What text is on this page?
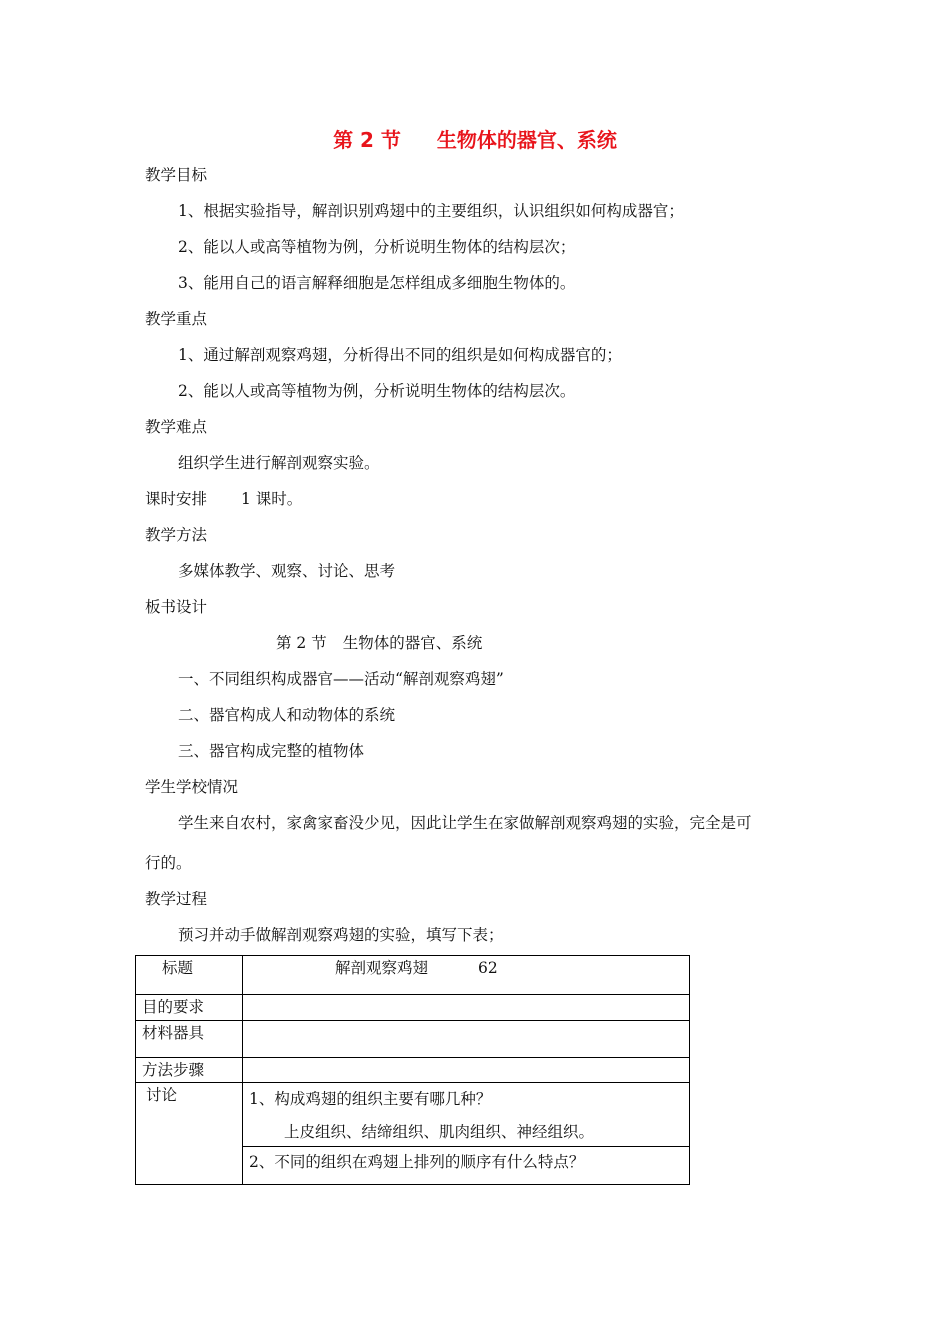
第 2 节 生物体的器官、系统
教学目标
1、根据实验指导，解剖识别鸡翅中的主要组织，认识组织如何构成器官；
2、能以人或高等植物为例，分析说明生物体的结构层次；
3、能用自己的语言解释细胞是怎样组成多细胞生物体的。
教学重点
1、通过解剖观察鸡翅，分析得出不同的组织是如何构成器官的；
2、能以人或高等植物为例，分析说明生物体的结构层次。
教学难点
组织学生进行解剖观察实验。
课时安排 1 课时。
教学方法
多媒体教学、观察、讨论、思考
板书设计
第 2 节 生物体的器官、系统
一、不同组织构成器官——活动“解剖观察鸡翅”
二、器官构成人和动物体的系统
三、器官构成完整的植物体
学生学校情况
学生来自农村，家禽家畜没少见，因此让学生在家做解剖观察鸡翅的实验，完全是可
行的。
教学过程
预习并动手做解剖观察鸡翅的实验，填写下表；
标题	解剖观察鸡翅 62
目的要求	
材料器具	
方法步骤	
讨论	1、构成鸡翅的组织主要有哪几种？
上皮组织、结缔组织、肌肉组织、神经组织。

	2、不同的组织在鸡翅上排列的顺序有什么特点？
